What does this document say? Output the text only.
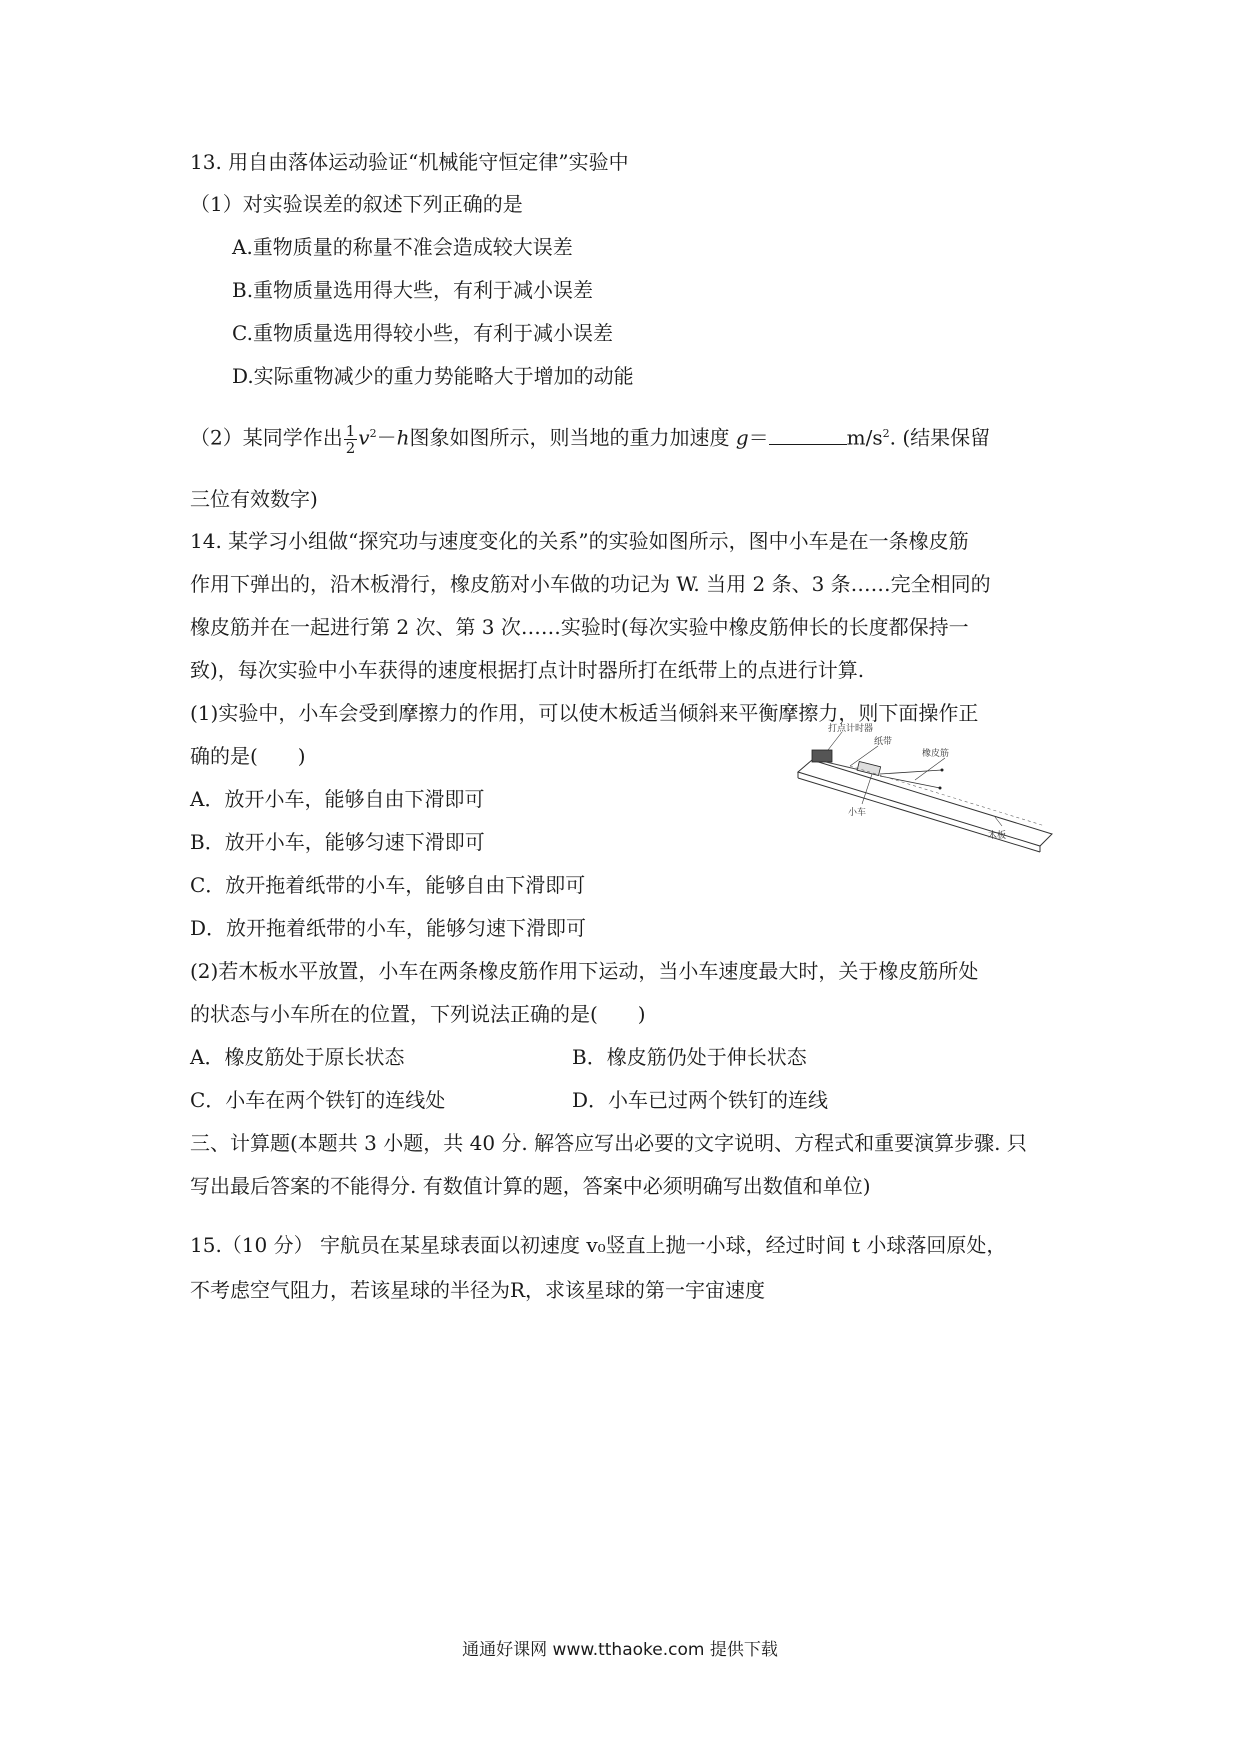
13. 用自由落体运动验证“机械能守恒定律”实验中
（1）对实验误差的叙述下列正确的是
A.重物质量的称量不准会造成较大误差
B.重物质量选用得大些，有利于减小误差
C.重物质量选用得较小些，有利于减小误差
D.实际重物减少的重力势能略大于增加的动能
（2）某同学作出 $\frac{1}{2} v^2-h$图象如图所示，则当地的重力加速度 g＝	$m/s^2$. (结果保留
三位有效数字)
14. 某学习小组做“探究功与速度变化的关系”的实验如图所示，图中小车是在一条橡皮筋
作用下弹出的，沿木板滑行，橡皮筋对小车做的功记为 W. 当用 2 条、3 条……完全相同的
橡皮筋并在一起进行第 2 次、第 3 次……实验时(每次实验中橡皮筋伸长的长度都保持一
致)，每次实验中小车获得的速度根据打点计时器所打在纸带上的点进行计算.
(1)实验中，小车会受到摩擦力的作用，可以使木板适当倾斜来平衡摩擦力，则下面操作正
确的是(　　)
A．放开小车，能够自由下滑即可
B．放开小车，能够匀速下滑即可
C．放开拖着纸带的小车，能够自由下滑即可
D．放开拖着纸带的小车，能够匀速下滑即可
(2)若木板水平放置，小车在两条橡皮筋作用下运动，当小车速度最大时，关于橡皮筋所处
的状态与小车所在的位置，下列说法正确的是(　　)
A．橡皮筋处于原长状态	B．橡皮筋仍处于伸长状态
C．小车在两个铁钉的连线处	D．小车已过两个铁钉的连线
打点计时器
纸带
橡皮筋
小车
木板
三、计算题(本题共 3 小题，共 40 分. 解答应写出必要的文字说明、方程式和重要演算步骤. 只
写出最后答案的不能得分. 有数值计算的题，答案中必须明确写出数值和单位)
15.（10 分） 宇航员在某星球表面以初速度 v₀竖直上抛一小球，经过时间 t 小球落回原处，
不考虑空气阻力，若该星球的半径为R，求该星球的第一宇宙速度
通通好课网 www.tthaoke.com 提供下载
